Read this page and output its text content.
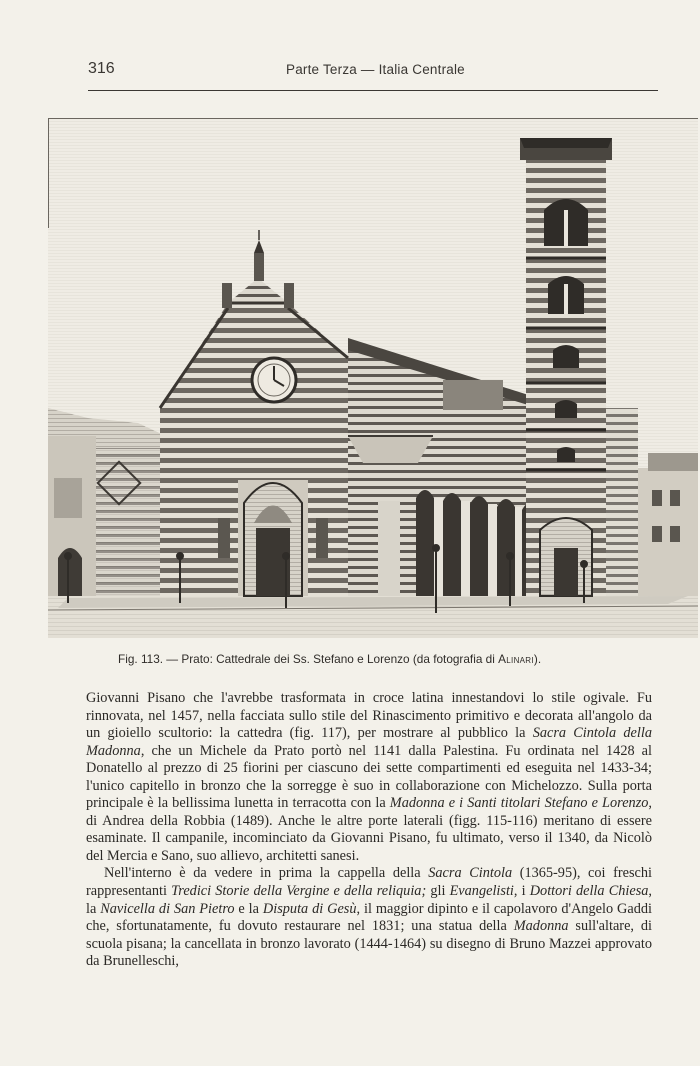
316	Parte Terza — Italia Centrale
Fig. 113. — Prato: Cattedrale dei Ss. Stefano e Lorenzo (da fotografia di Alinari).

Giovanni Pisano che l'avrebbe trasformata in croce latina innestandovi lo stile ogivale. Fu rinnovata, nel 1457, nella facciata sullo stile del Rinascimento primitivo e decorata all'angolo da un gioiello scultorio: la cattedra (fig. 117), per mostrare al pubblico la Sacra Cintola della Madonna, che un Michele da Prato portò nel 1141 dalla Palestina. Fu ordinata nel 1428 al Donatello al prezzo di 25 fiorini per ciascuno dei sette compartimenti ed eseguita nel 1433-34; l'unico capitello in bronzo che la sorregge è suo in collaborazione con Michelozzo. Sulla porta principale è la bellissima lunetta in terracotta con la Madonna e i Santi titolari Stefano e Lorenzo, di Andrea della Robbia (1489). Anche le altre porte laterali (figg. 115-116) meritano di essere esaminate. Il campanile, incominciato da Giovanni Pisano, fu ultimato, verso il 1340, da Nicolò del Mercia e Sano, suo allievo, architetti sanesi.

Nell'interno è da vedere in prima la cappella della Sacra Cintola (1365-95), coi freschi rappresentanti Tredici Storie della Vergine e della reliquia; gli Evangelisti, i Dottori della Chiesa, la Navicella di San Pietro e la Disputa di Gesù, il maggior dipinto e il capolavoro d'Angelo Gaddi che, sfortunatamente, fu dovuto restaurare nel 1831; una statua della Madonna sull'altare, di scuola pisana; la cancellata in bronzo lavorato (1444-1464) su disegno di Bruno Mazzei approvato da Brunelleschi,
